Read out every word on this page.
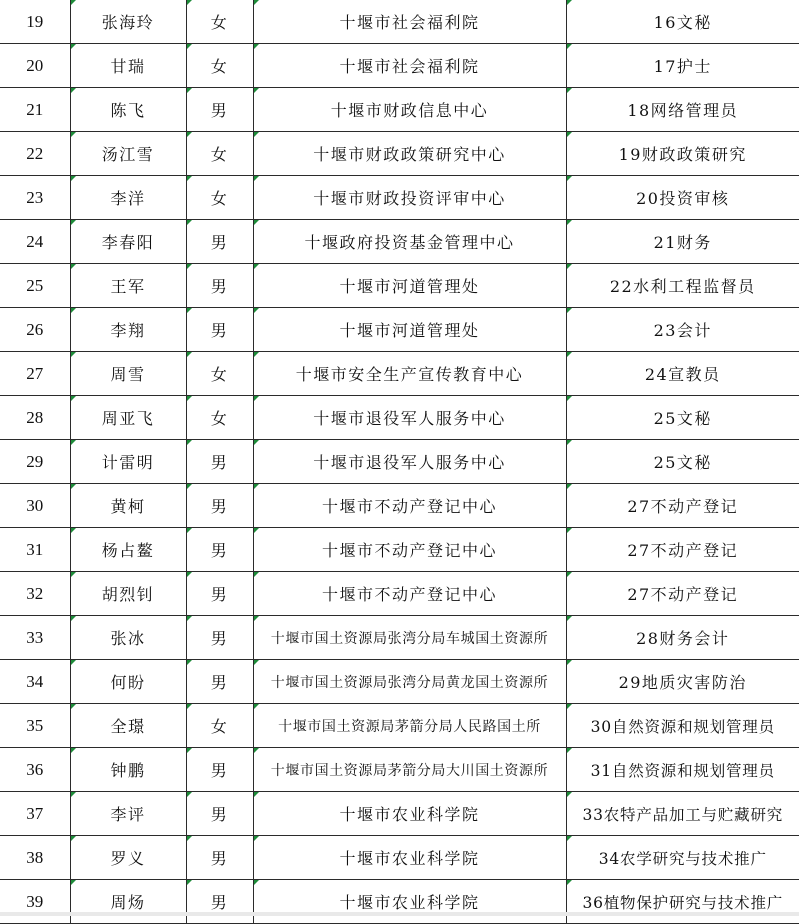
19	张海玲	女	十堰市社会福利院	16文秘
20	甘瑞	女	十堰市社会福利院	17护士
21	陈飞	男	十堰市财政信息中心	18网络管理员
22	汤江雪	女	十堰市财政政策研究中心	19财政政策研究
23	李洋	女	十堰市财政投资评审中心	20投资审核
24	李春阳	男	十堰政府投资基金管理中心	21财务
25	王军	男	十堰市河道管理处	22水利工程监督员
26	李翔	男	十堰市河道管理处	23会计
27	周雪	女	十堰市安全生产宣传教育中心	24宣教员
28	周亚飞	女	十堰市退役军人服务中心	25文秘
29	计雷明	男	十堰市退役军人服务中心	25文秘
30	黄柯	男	十堰市不动产登记中心	27不动产登记
31	杨占鳌	男	十堰市不动产登记中心	27不动产登记
32	胡烈钊	男	十堰市不动产登记中心	27不动产登记
33	张冰	男	十堰市国土资源局张湾分局车城国土资源所	28财务会计
34	何盼	男	十堰市国土资源局张湾分局黄龙国土资源所	29地质灾害防治
35	全璟	女	十堰市国土资源局茅箭分局人民路国土所	30自然资源和规划管理员
36	钟鹏	男	十堰市国土资源局茅箭分局大川国土资源所	31自然资源和规划管理员
37	李评	男	十堰市农业科学院	33农特产品加工与贮藏研究
38	罗义	男	十堰市农业科学院	34农学研究与技术推广
39	周炀	男	十堰市农业科学院	36植物保护研究与技术推广
